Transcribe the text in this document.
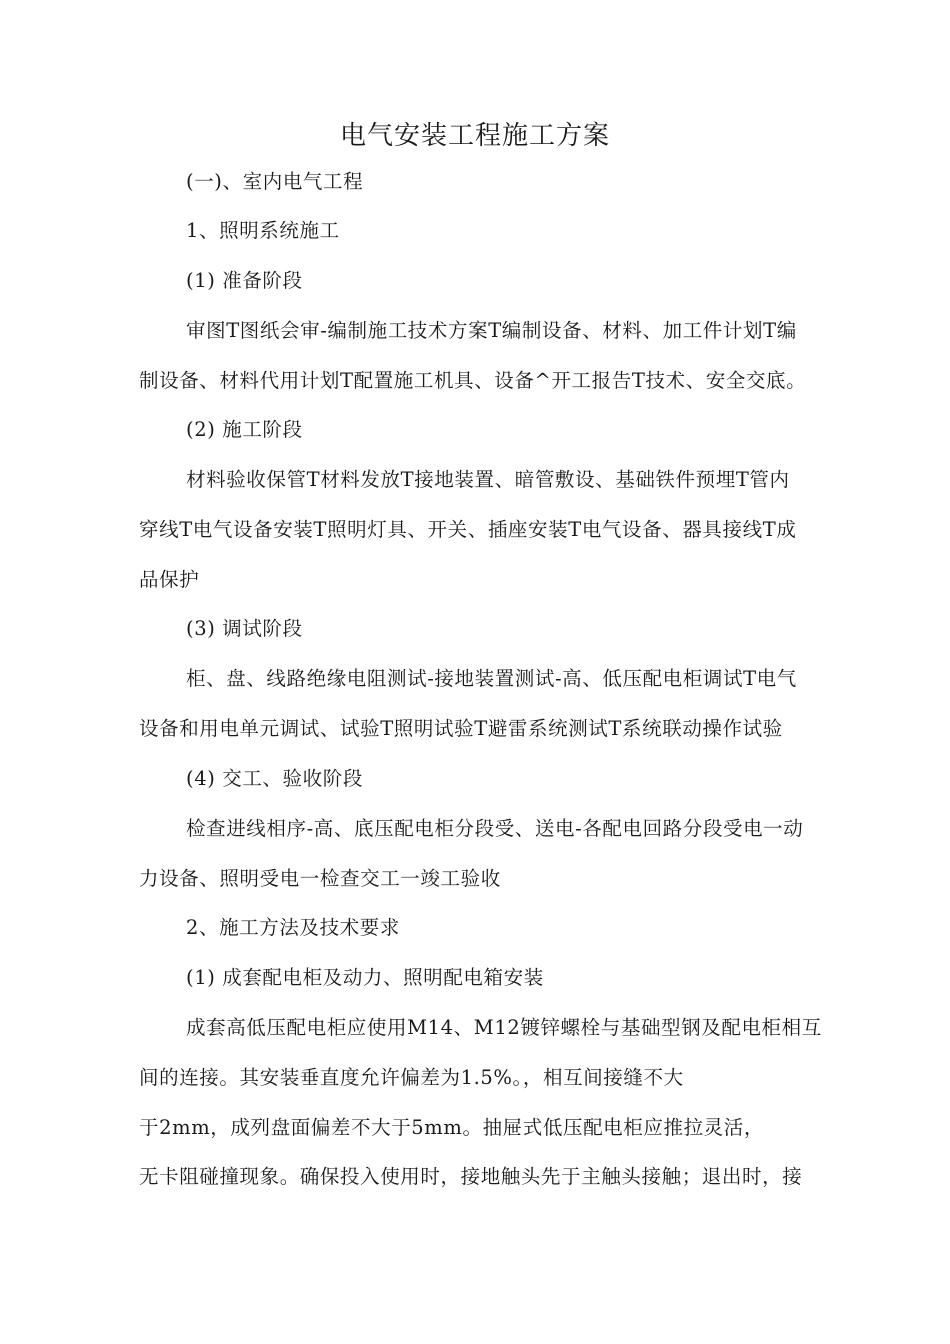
电气安装工程施工方案
(一)、室内电气工程
1、照明系统施工
(1) 准备阶段
审图T图纸会审-编制施工技术方案T编制设备、材料、加工件计划T编
制设备、材料代用计划T配置施工机具、设备^开工报告T技术、安全交底。
(2) 施工阶段
材料验收保管T材料发放T接地装置、暗管敷设、基础铁件预埋T管内
穿线T电气设备安装T照明灯具、开关、插座安装T电气设备、器具接线T成
品保护
(3) 调试阶段
柜、盘、线路绝缘电阻测试-接地装置测试-高、低压配电柜调试T电气
设备和用电单元调试、试验T照明试验T避雷系统测试T系统联动操作试验
(4) 交工、验收阶段
检查进线相序-高、底压配电柜分段受、送电-各配电回路分段受电一动
力设备、照明受电一检查交工一竣工验收
2、施工方法及技术要求
(1) 成套配电柜及动力、照明配电箱安装
成套高低压配电柜应使用M14、M12镀锌螺栓与基础型钢及配电柜相互
间的连接。其安装垂直度允许偏差为1.5%。，相互间接缝不大
于2mm，成列盘面偏差不大于5mm。抽屉式低压配电柜应推拉灵活，
无卡阻碰撞现象。确保投入使用时，接地触头先于主触头接触；退出时，接
